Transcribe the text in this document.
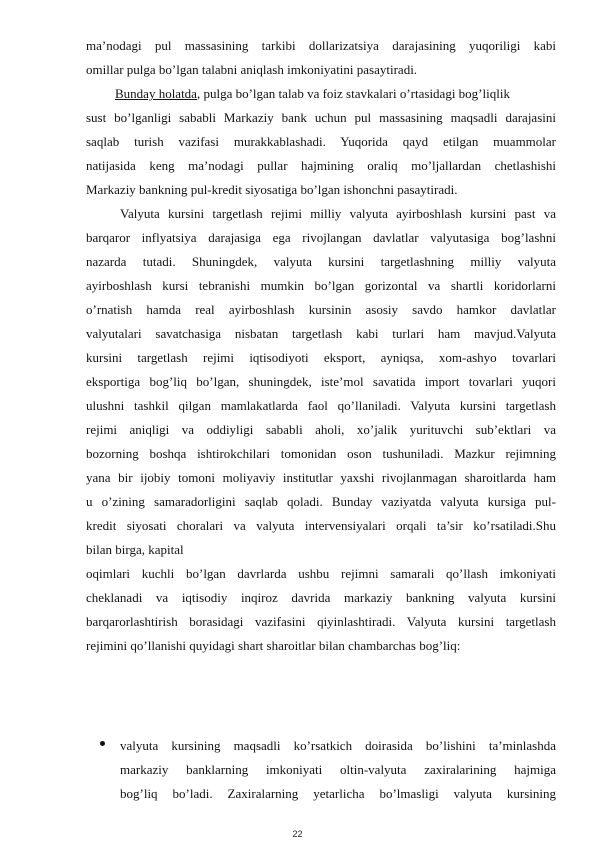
ma’nodagi pul massasining tarkibi dollarizatsiya darajasining yuqoriligi kabi
omillar pulga bo’lgan talabni aniqlash imkoniyatini pasaytiradi.
Bunday holatda, pulga bo’lgan talab va foiz stavkalari o’rtasidagi bog’liqlik
sust bo’lganligi sababli Markaziy bank uchun pul massasining maqsadli darajasini
saqlab turish vazifasi murakkablashadi. Yuqorida qayd etilgan muammolar
natijasida keng ma’nodagi pullar hajmining oraliq mo’ljallardan chetlashishi
Markaziy bankning pul-kredit siyosatiga bo’lgan ishonchni pasaytiradi.
Valyuta kursini targetlash rejimi milliy valyuta ayirboshlash kursini past va
barqaror inflyatsiya darajasiga ega rivojlangan davlatlar valyutasiga bog’lashni
nazarda tutadi. Shuningdek, valyuta kursini targetlashning milliy valyuta
ayirboshlash kursi tebranishi mumkin bo’lgan gorizontal va shartli koridorlarni
o’rnatish hamda real ayirboshlash kursinin asosiy savdo hamkor davlatlar
valyutalari savatchasiga nisbatan targetlash kabi turlari ham mavjud.Valyuta
kursini targetlash rejimi iqtisodiyoti eksport, ayniqsa, xom-ashyo tovarlari
eksportiga bog’liq bo’lgan, shuningdek, iste’mol savatida import tovarlari yuqori
ulushni tashkil qilgan mamlakatlarda faol qo’llaniladi. Valyuta kursini targetlash
rejimi aniqligi va oddiyligi sababli aholi, xo’jalik yurituvchi sub’ektlari va
bozorning boshqa ishtirokchilari tomonidan oson tushuniladi. Mazkur rejimning
yana bir ijobiy tomoni moliyaviy institutlar yaxshi rivojlanmagan sharoitlarda ham
u o’zining samaradorligini saqlab qoladi. Bunday vaziyatda valyuta kursiga pul-
kredit siyosati choralari va valyuta intervensiyalari orqali ta’sir ko’rsatiladi.Shu
bilan birga, kapital
oqimlari kuchli bo’lgan davrlarda ushbu rejimni samarali qo’llash imkoniyati
cheklanadi va iqtisodiy inqiroz davrida markaziy bankning valyuta kursini
barqarorlashtirish borasidagi vazifasini qiyinlashtiradi. Valyuta kursini targetlash
rejimini qo’llanishi quyidagi shart sharoitlar bilan chambarchas bog’liq:
valyuta kursining maqsadli ko’rsatkich doirasida bo’lishini ta’minlashda
markaziy banklarning imkoniyati oltin-valyuta zaxiralarining hajmiga
bog’liq bo’ladi. Zaxiralarning yetarlicha bo’lmasligi valyuta kursining
22
